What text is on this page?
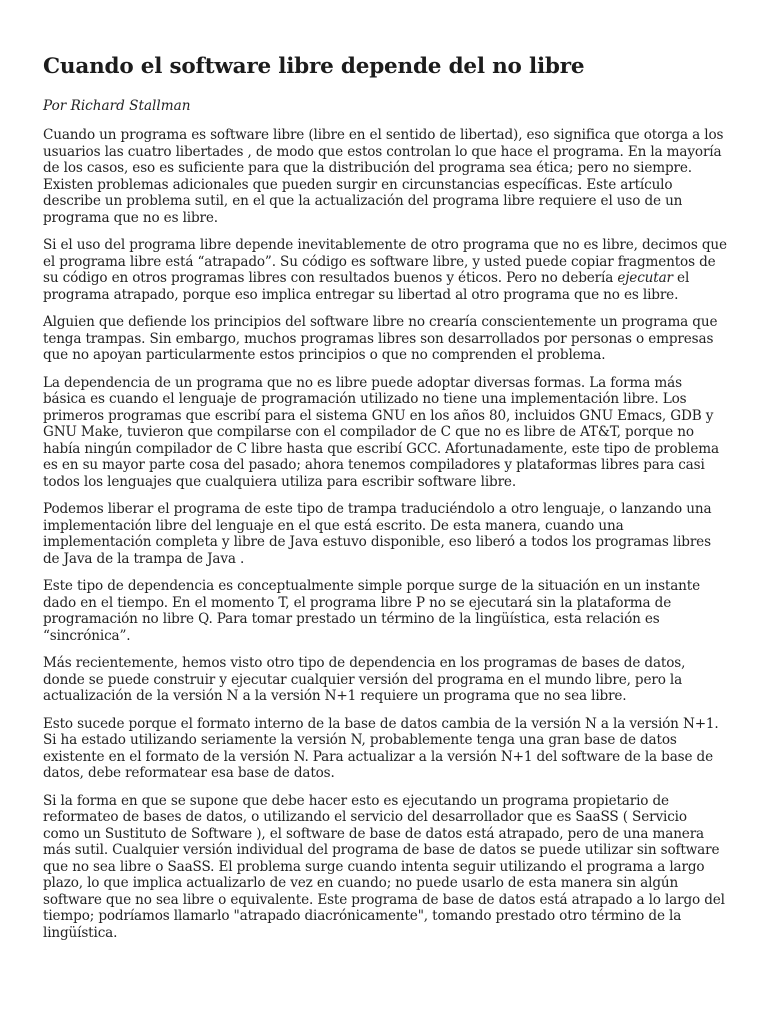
Cuando el software libre depende del no libre

Por Richard Stallman

Cuando un programa es software libre (libre en el sentido de libertad), eso significa que otorga a los usuarios las cuatro libertades , de modo que estos controlan lo que hace el programa. En la mayoría de los casos, eso es suficiente para que la distribución del programa sea ética; pero no siempre. Existen problemas adicionales que pueden surgir en circunstancias específicas. Este artículo describe un problema sutil, en el que la actualización del programa libre requiere el uso de un programa que no es libre.

Si el uso del programa libre depende inevitablemente de otro programa que no es libre, decimos que el programa libre está “atrapado”. Su código es software libre, y usted puede copiar fragmentos de su código en otros programas libres con resultados buenos y éticos. Pero no debería ejecutar el programa atrapado, porque eso implica entregar su libertad al otro programa que no es libre.

Alguien que defiende los principios del software libre no crearía conscientemente un programa que tenga trampas. Sin embargo, muchos programas libres son desarrollados por personas o empresas que no apoyan particularmente estos principios o que no comprenden el problema.

La dependencia de un programa que no es libre puede adoptar diversas formas. La forma más básica es cuando el lenguaje de programación utilizado no tiene una implementación libre. Los primeros programas que escribí para el sistema GNU en los años 80, incluidos GNU Emacs, GDB y GNU Make, tuvieron que compilarse con el compilador de C que no es libre de AT&T, porque no había ningún compilador de C libre hasta que escribí GCC. Afortunadamente, este tipo de problema es en su mayor parte cosa del pasado; ahora tenemos compiladores y plataformas libres para casi todos los lenguajes que cualquiera utiliza para escribir software libre.

Podemos liberar el programa de este tipo de trampa traduciéndolo a otro lenguaje, o lanzando una implementación libre del lenguaje en el que está escrito. De esta manera, cuando una implementación completa y libre de Java estuvo disponible, eso liberó a todos los programas libres de Java de la trampa de Java .

Este tipo de dependencia es conceptualmente simple porque surge de la situación en un instante dado en el tiempo. En el momento T, el programa libre P no se ejecutará sin la plataforma de programación no libre Q. Para tomar prestado un término de la lingüística, esta relación es “sincrónica”.

Más recientemente, hemos visto otro tipo de dependencia en los programas de bases de datos, donde se puede construir y ejecutar cualquier versión del programa en el mundo libre, pero la actualización de la versión N a la versión N+1 requiere un programa que no sea libre.

Esto sucede porque el formato interno de la base de datos cambia de la versión N a la versión N+1. Si ha estado utilizando seriamente la versión N, probablemente tenga una gran base de datos existente en el formato de la versión N. Para actualizar a la versión N+1 del software de la base de datos, debe reformatear esa base de datos.

Si la forma en que se supone que debe hacer esto es ejecutando un programa propietario de reformateo de bases de datos, o utilizando el servicio del desarrollador que es SaaSS ( Servicio como un Sustituto de Software ), el software de base de datos está atrapado, pero de una manera más sutil. Cualquier versión individual del programa de base de datos se puede utilizar sin software que no sea libre o SaaSS. El problema surge cuando intenta seguir utilizando el programa a largo plazo, lo que implica actualizarlo de vez en cuando; no puede usarlo de esta manera sin algún software que no sea libre o equivalente. Este programa de base de datos está atrapado a lo largo del tiempo; podríamos llamarlo "atrapado diacrónicamente", tomando prestado otro término de la lingüística.
